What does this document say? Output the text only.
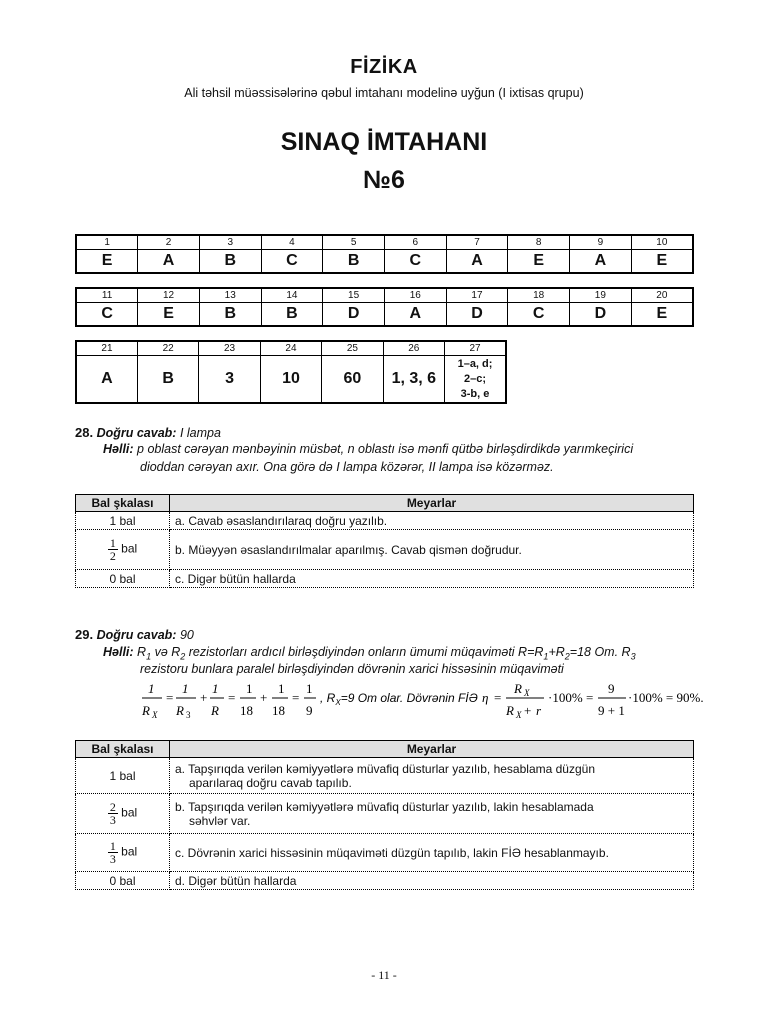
FİZİKA
Ali təhsil müəssisələrinə qəbul imtahanı modelinə uyğun (I ixtisas qrupu)
SINAQ İMTAHANI
№6
1	2	3	4	5	6	7	8	9	10
E	A	B	C	B	C	A	E	A	E
11	12	13	14	15	16	17	18	19	20
C	E	B	B	D	A	D	C	D	E
21	22	23	24	25	26	27
A	B	3	10	60	1, 3, 6	1–a, d;
2–c;
3-b, e
28. Doğru cavab: I lampa
Həlli: p oblast cərəyan mənbəyinin müsbət, n oblastı isə mənfi qütbə birləşdirdikdə yarımkeçirici
dioddan cərəyan axır. Ona görə də I lampa közərər, II lampa isə közərməz.
Bal şkalası	Meyarlar
1 bal	a. Cavab əsaslandırılaraq doğru yazılıb.

$\frac{1}{2}$ bal	b. Müəyyən əsaslandırılmalar aparılmış. Cavab qismən doğrudur.
0 bal	c. Digər bütün hallarda
29. Doğru cavab: 90
Həlli: $R_1$ və $R_2$ rezistorları ardıcıl birləşdiyindən onların ümumi müqaviməti $R=R_1+R_2=18$ Om. $R_3$
rezistoru bunlara paralel birləşdiyindən dövrənin xarici hissəsinin müqaviməti
1
R X
=
1
R 3
+
1
R
=
1
18
+
1
18
=
1
9
, $R_X=9$ Om olar. Dövrənin FİƏ η =
R X
R X + r
·100% =
9
9 + 1
·100% = 90%.
Bal şkalası	Meyarlar
1 bal	a. Tapşırıqda verilən kəmiyyətlərə müvafiq düsturlar yazılıb, hesablama düzgün
aparılaraq doğru cavab tapılıb.

$\frac{2}{3}$ bal	b. Tapşırıqda verilən kəmiyyətlərə müvafiq düsturlar yazılıb, lakin hesablamada
səhvlər var.

$\frac{1}{3}$ bal	c. Dövrənin xarici hissəsinin müqaviməti düzgün tapılıb, lakin FİƏ hesablanmayıb.
0 bal	d. Digər bütün hallarda
- 11 -
